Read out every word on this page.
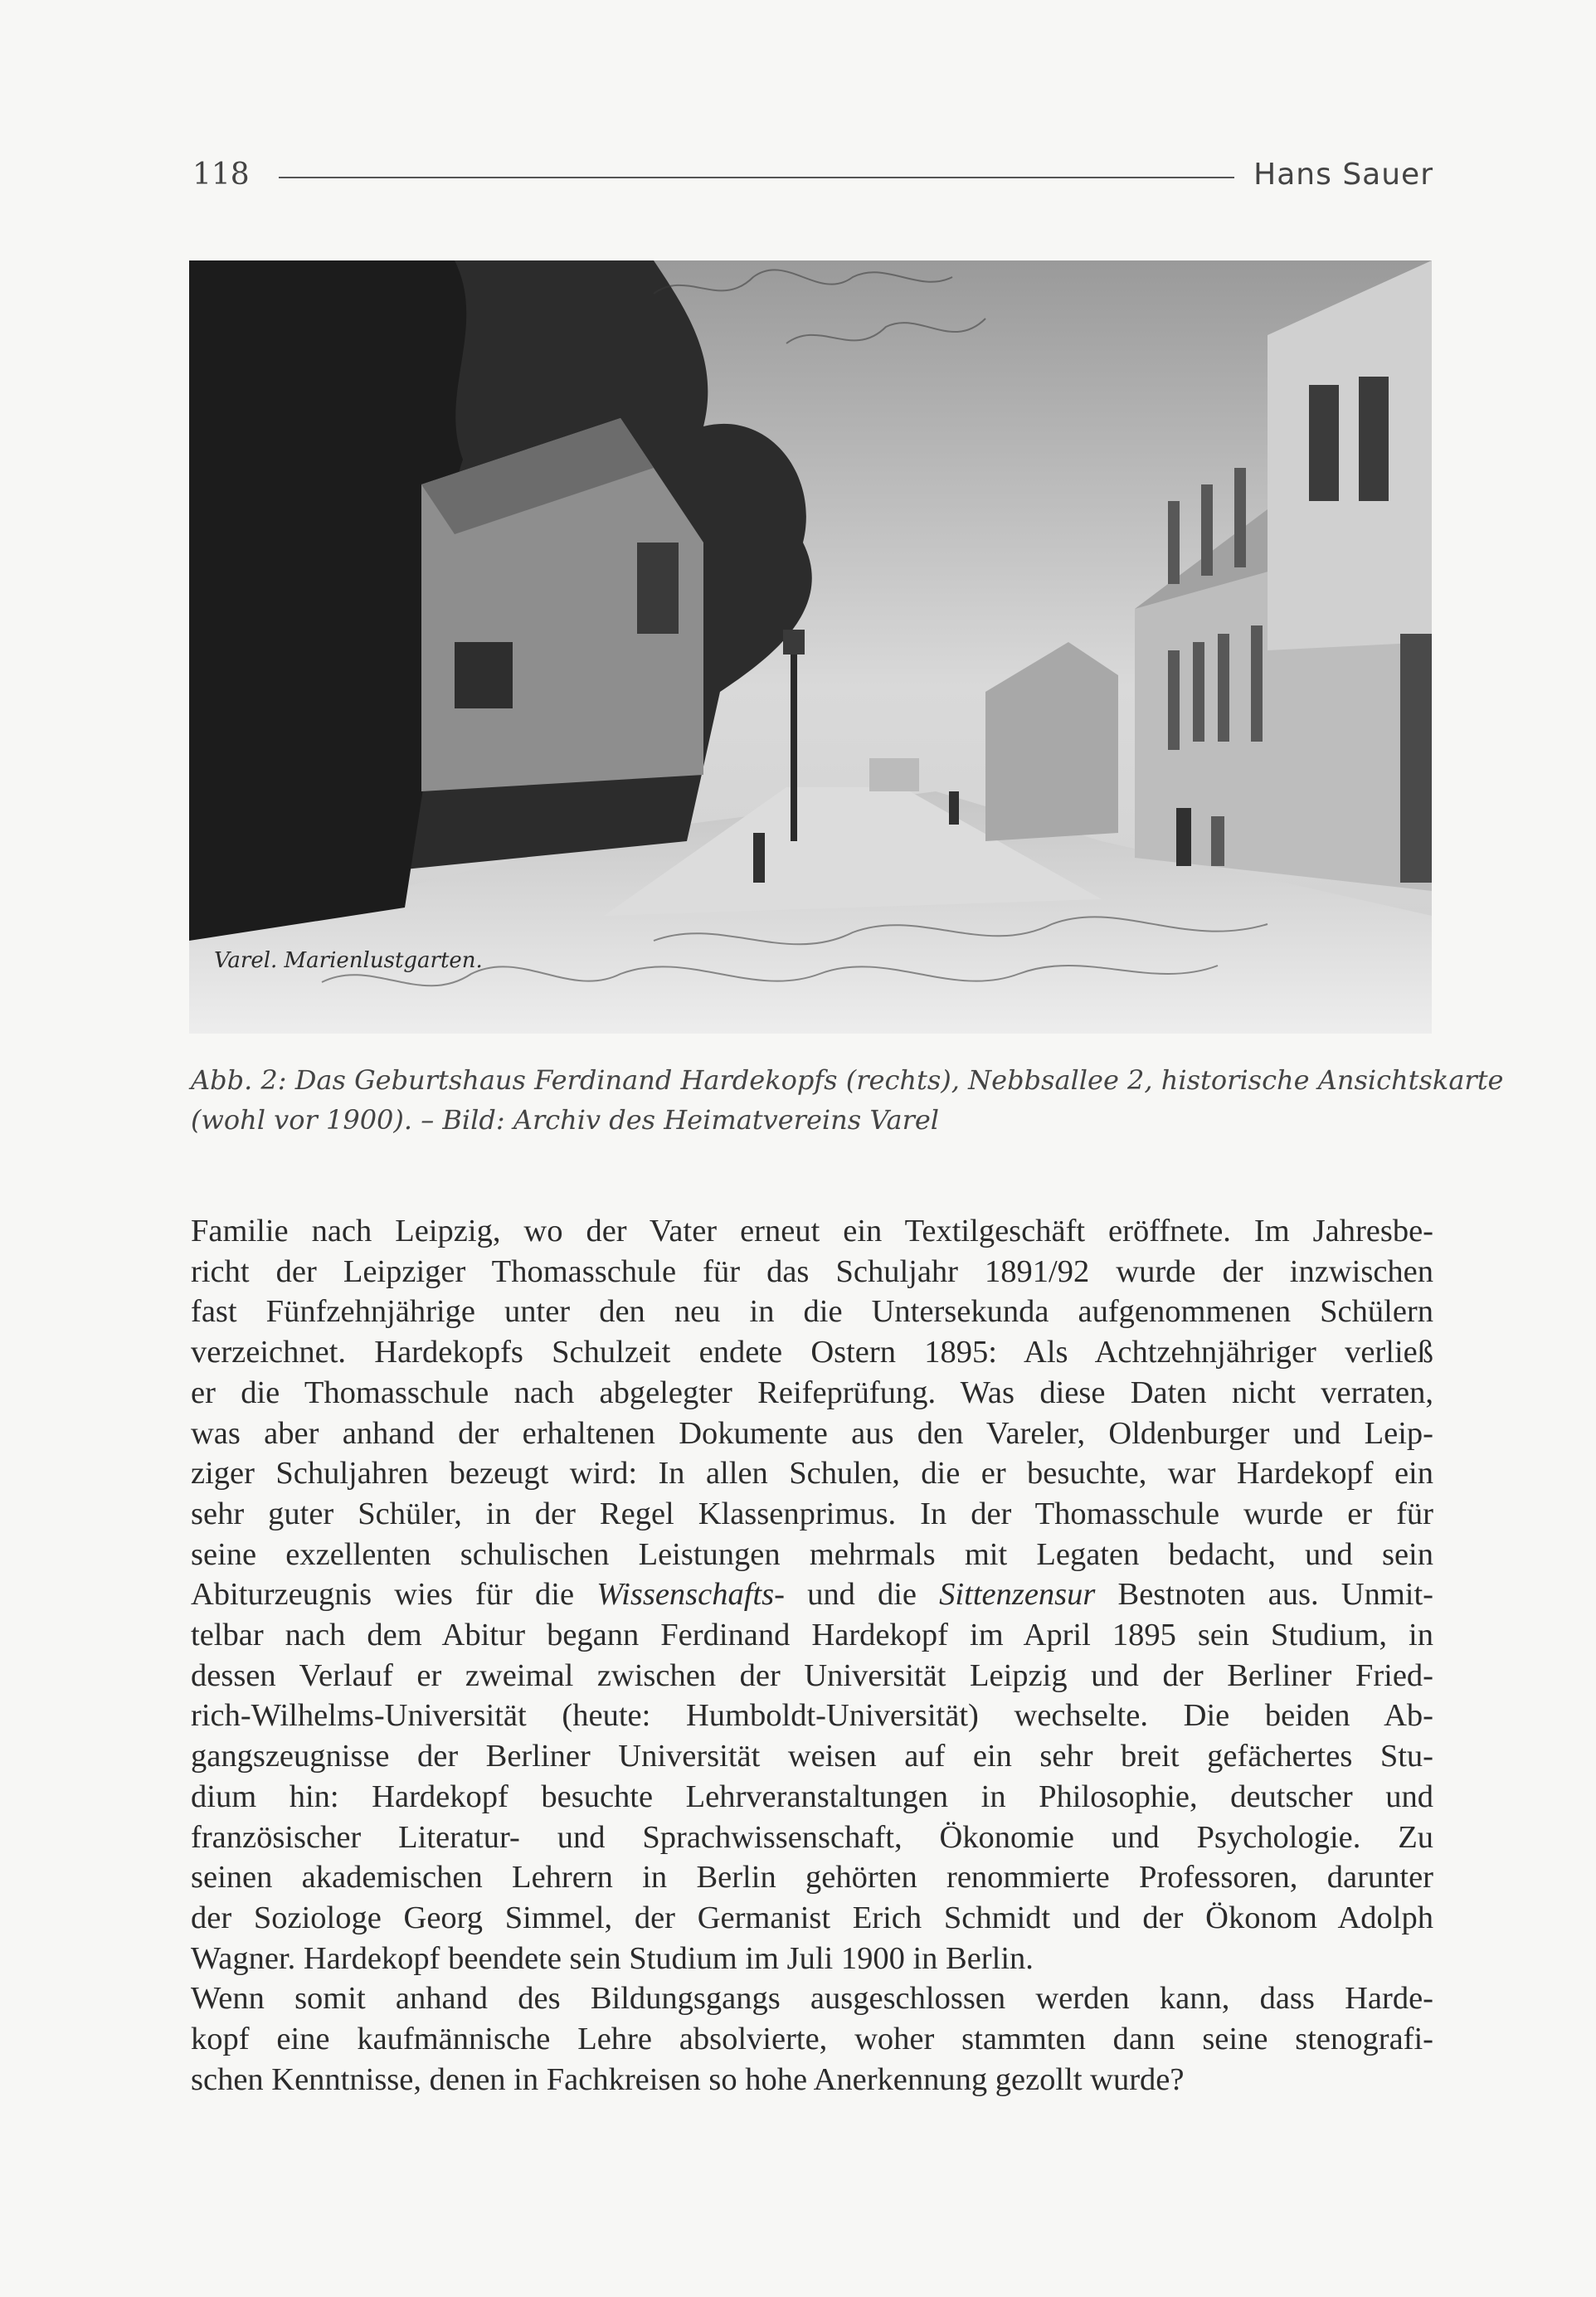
118	Hans Sauer
Varel. Marienlustgarten.
Abb. 2: Das Geburtshaus Ferdinand Hardekopfs (rechts), Nebbsallee 2, historische Ansichtskarte
(wohl vor 1900). – Bild: Archiv des Heimatvereins Varel
Familie nach Leipzig, wo der Vater erneut ein Textilgeschäft eröffnete. Im Jahresbe-
richt der Leipziger Thomasschule für das Schuljahr 1891/92 wurde der inzwischen
fast Fünfzehnjährige unter den neu in die Untersekunda aufgenommenen Schülern
verzeichnet. Hardekopfs Schulzeit endete Ostern 1895: Als Achtzehnjähriger verließ
er die Thomasschule nach abgelegter Reifeprüfung. Was diese Daten nicht verraten,
was aber anhand der erhaltenen Dokumente aus den Vareler, Oldenburger und Leip-
ziger Schuljahren bezeugt wird: In allen Schulen, die er besuchte, war Hardekopf ein
sehr guter Schüler, in der Regel Klassenprimus. In der Thomasschule wurde er für
seine exzellenten schulischen Leistungen mehrmals mit Legaten bedacht, und sein
Abiturzeugnis wies für die Wissenschafts- und die Sittenzensur Bestnoten aus. Unmit-
telbar nach dem Abitur begann Ferdinand Hardekopf im April 1895 sein Studium, in
dessen Verlauf er zweimal zwischen der Universität Leipzig und der Berliner Fried-
rich-Wilhelms-Universität (heute: Humboldt-Universität) wechselte. Die beiden Ab-
gangszeugnisse der Berliner Universität weisen auf ein sehr breit gefächertes Stu-
dium hin: Hardekopf besuchte Lehrveranstaltungen in Philosophie, deutscher und
französischer Literatur- und Sprachwissenschaft, Ökonomie und Psychologie. Zu
seinen akademischen Lehrern in Berlin gehörten renommierte Professoren, darunter
der Soziologe Georg Simmel, der Germanist Erich Schmidt und der Ökonom Adolph
Wagner. Hardekopf beendete sein Studium im Juli 1900 in Berlin.
Wenn somit anhand des Bildungsgangs ausgeschlossen werden kann, dass Harde-
kopf eine kaufmännische Lehre absolvierte, woher stammten dann seine stenografi-
schen Kenntnisse, denen in Fachkreisen so hohe Anerkennung gezollt wurde?
